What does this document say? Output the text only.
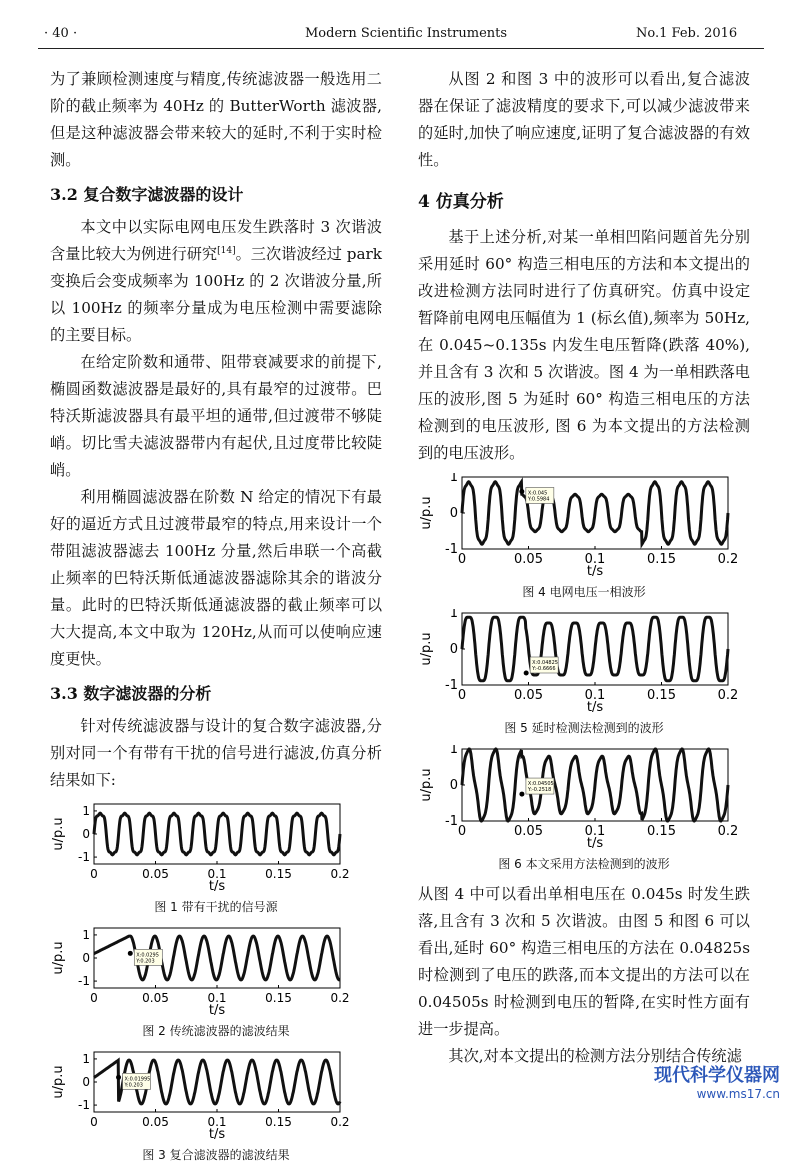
· 40 ·	Modern Scientific Instruments	No.1 Feb. 2016

为了兼顾检测速度与精度,传统滤波器一般选用二阶的截止频率为 40Hz 的 ButterWorth 滤波器,但是这种滤波器会带来较大的延时,不利于实时检测。

3.2 复合数字滤波器的设计

本文中以实际电网电压发生跌落时 3 次谐波含量比较大为例进行研究[14]。三次谐波经过 park 变换后会变成频率为 100Hz 的 2 次谐波分量,所以 100Hz 的频率分量成为电压检测中需要滤除的主要目标。

在给定阶数和通带、阻带衰减要求的前提下,椭圆函数滤波器是最好的,具有最窄的过渡带。巴特沃斯滤波器具有最平坦的通带,但过渡带不够陡峭。切比雪夫滤波器带内有起伏,且过度带比较陡峭。

利用椭圆滤波器在阶数 N 给定的情况下有最好的逼近方式且过渡带最窄的特点,用来设计一个带阻滤波器滤去 100Hz 分量,然后串联一个高截止频率的巴特沃斯低通滤波器滤除其余的谐波分量。此时的巴特沃斯低通滤波器的截止频率可以大大提高,本文中取为 120Hz,从而可以使响应速度更快。

3.3 数字滤波器的分析

针对传统滤波器与设计的复合数字滤波器,分别对同一个有带有干扰的信号进行滤波,仿真分析结果如下:

0	0.05	0.1	0.15	0.2
1
0
-1
t/s
u/p.u

图 1 带有干扰的信号源

0	0.05	0.1	0.15	0.2
1
0
-1
t/s
u/p.u	X:0.0295
Y:0.203

图 2 传统滤波器的滤波结果

0	0.05	0.1	0.15	0.2
1
0
-1
t/s
u/p.u	X:0.01995
Y:0.203

图 3 复合滤波器的滤波结果

从图 2 和图 3 中的波形可以看出,复合滤波器在保证了滤波精度的要求下,可以减少滤波带来的延时,加快了响应速度,证明了复合滤波器的有效性。

4 仿真分析

基于上述分析,对某一单相凹陷问题首先分别采用延时 60° 构造三相电压的方法和本文提出的改进检测方法同时进行了仿真研究。仿真中设定暂降前电网电压幅值为 1 (标幺值),频率为 50Hz,在 0.045~0.135s 内发生电压暂降(跌落 40%),并且含有 3 次和 5 次谐波。图 4 为一单相跌落电压的波形,图 5 为延时 60° 构造三相电压的方法检测到的电压波形, 图 6 为本文提出的方法检测到的电压波形。

0	0.05	0.1	0.15	0.2
1
0
-1
t/s
u/p.u
X:0.045
Y:0.5984

图 4 电网电压一相波形

0	0.05	0.1	0.15	0.2
1
0
-1
t/s
u/p.u	X:0.04825
Y:-0.6666

图 5 延时检测法检测到的波形

0	0.05	0.1	0.15	0.2
1
0
-1
t/s
u/p.u	X:0.04505
Y:-0.2518

图 6 本文采用方法检测到的波形

从图 4 中可以看出单相电压在 0.045s 时发生跌落,且含有 3 次和 5 次谐波。由图 5 和图 6 可以看出,延时 60° 构造三相电压的方法在 0.04825s 时检测到了电压的跌落,而本文提出的方法可以在 0.04505s 时检测到电压的暂降,在实时性方面有进一步提高。

其次,对本文提出的检测方法分别结合传统滤

现代科学仪器网
www.ms17.cn
